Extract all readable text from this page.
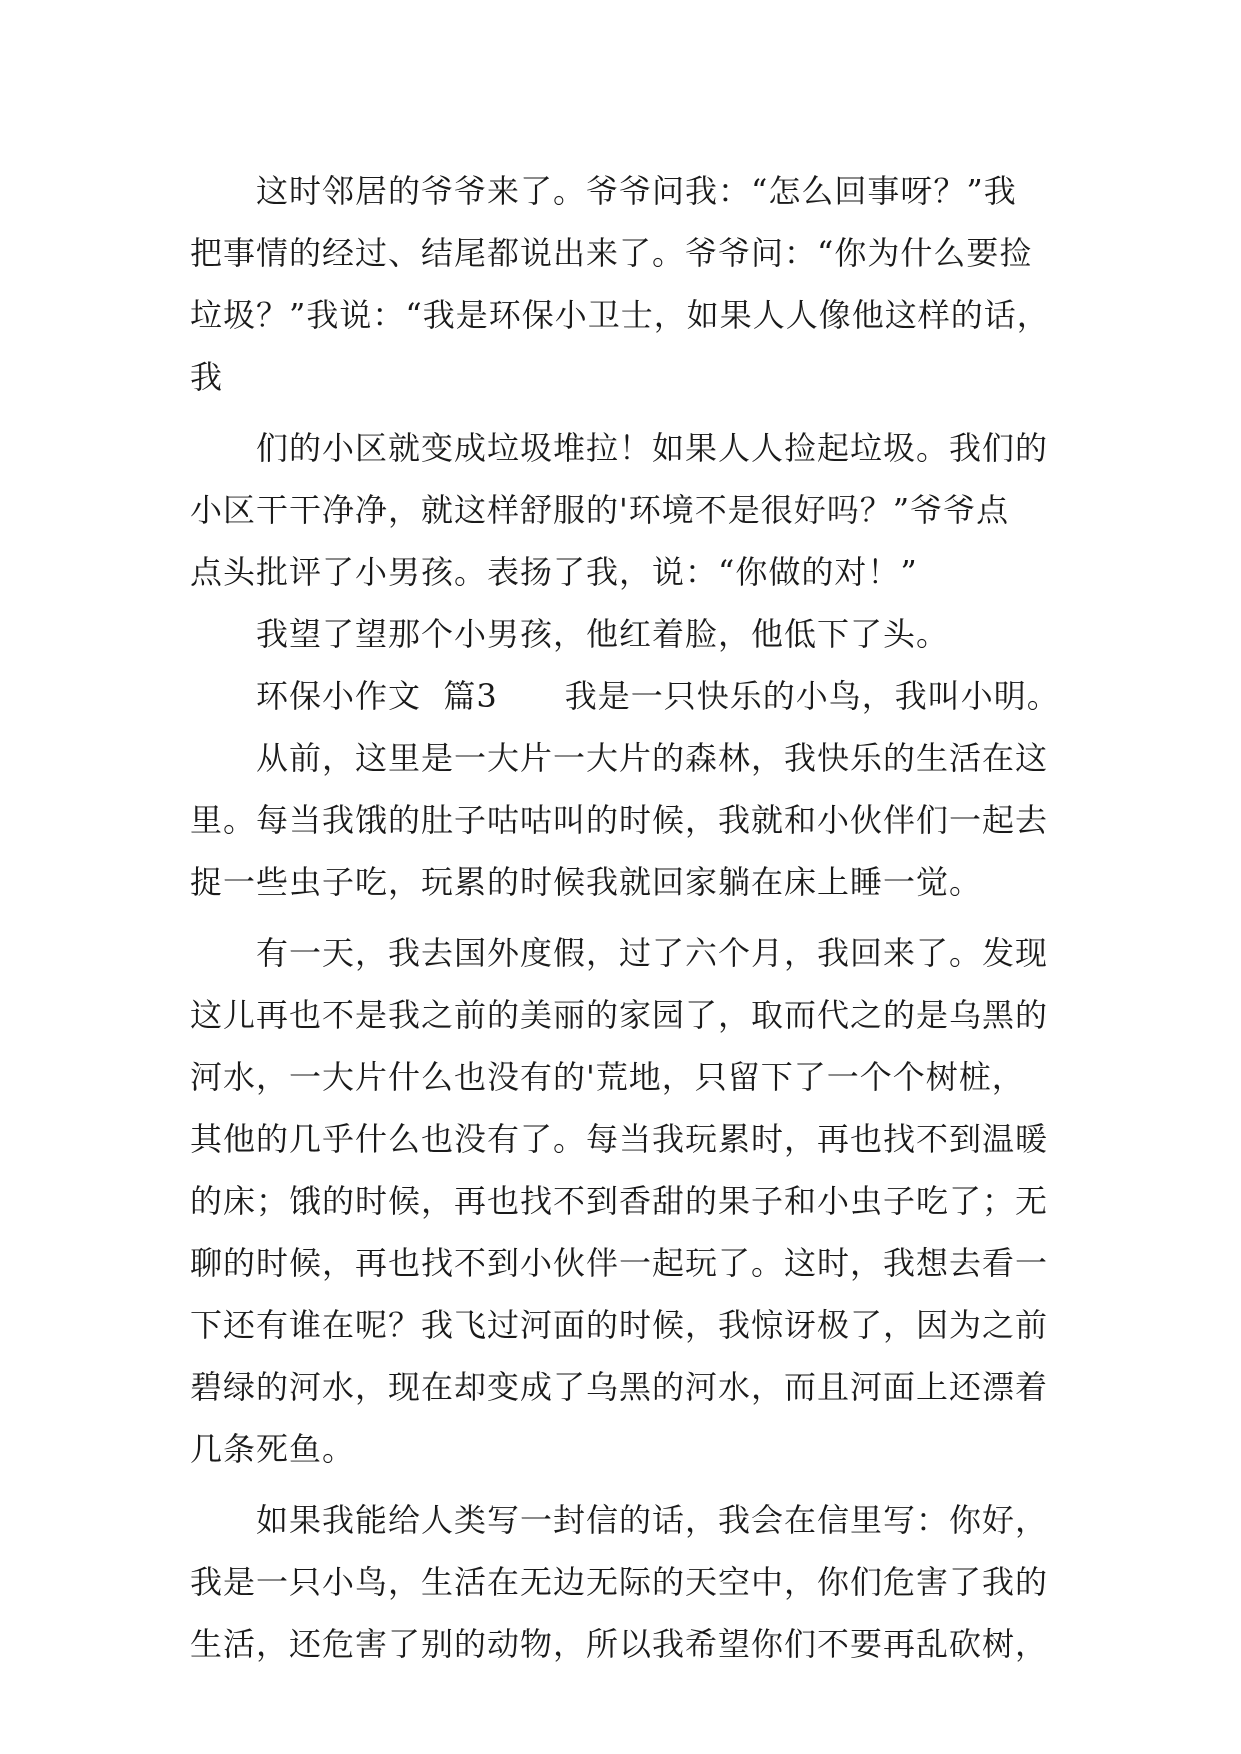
　　这时邻居的爷爷来了。爷爷问我：“怎么回事呀？”我
把事情的经过、结尾都说出来了。爷爷问：“你为什么要捡
垃圾？”我说：“我是环保小卫士，如果人人像他这样的话，
我
　　们的小区就变成垃圾堆拉！如果人人捡起垃圾。我们的
小区干干净净，就这样舒服的'环境不是很好吗？”爷爷点
点头批评了小男孩。表扬了我，说：“你做的对！”
　　我望了望那个小男孩，他红着脸，他低下了头。
　　环保小作文  篇3      我是一只快乐的小鸟，我叫小明。
　　从前，这里是一大片一大片的森林，我快乐的生活在这
里。每当我饿的肚子咕咕叫的时候，我就和小伙伴们一起去
捉一些虫子吃，玩累的时候我就回家躺在床上睡一觉。
　　有一天，我去国外度假，过了六个月，我回来了。发现
这儿再也不是我之前的美丽的家园了，取而代之的是乌黑的
河水，一大片什么也没有的'荒地，只留下了一个个树桩，
其他的几乎什么也没有了。每当我玩累时，再也找不到温暖
的床；饿的时候，再也找不到香甜的果子和小虫子吃了；无
聊的时候，再也找不到小伙伴一起玩了。这时，我想去看一
下还有谁在呢？我飞过河面的时候，我惊讶极了，因为之前
碧绿的河水，现在却变成了乌黑的河水，而且河面上还漂着
几条死鱼。
　　如果我能给人类写一封信的话，我会在信里写：你好，
我是一只小鸟，生活在无边无际的天空中，你们危害了我的
生活，还危害了别的动物，所以我希望你们不要再乱砍树，
